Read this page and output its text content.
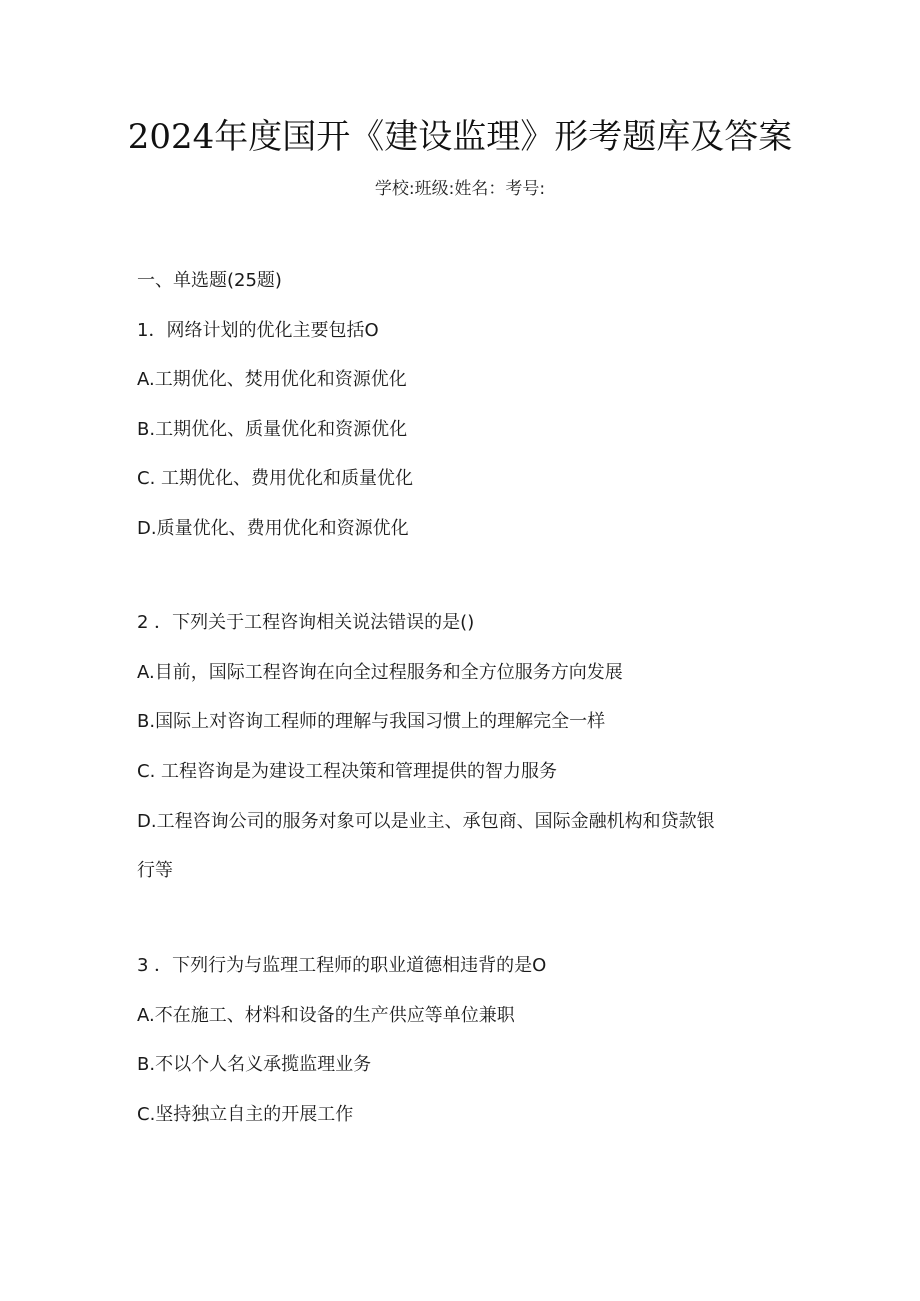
2024年度国开《建设监理》形考题库及答案
学校:班级:姓名：考号:
一、单选题(25题)
1．网络计划的优化主要包括O
A.工期优化、焚用优化和资源优化
B.工期优化、质量优化和资源优化
C. 工期优化、费用优化和质量优化
D.质量优化、费用优化和资源优化
2 ．下列关于工程咨询相关说法错误的是()
A.目前，国际工程咨询在向全过程服务和全方位服务方向发展
B.国际上对咨询工程师的理解与我国习惯上的理解完全一样
C. 工程咨询是为建设工程决策和管理提供的智力服务
D.工程咨询公司的服务对象可以是业主、承包商、国际金融机构和贷款银
行等
3 ．下列行为与监理工程师的职业道德相违背的是O
A.不在施工、材料和设备的生产供应等单位兼职
B.不以个人名义承揽监理业务
C.坚持独立自主的开展工作
